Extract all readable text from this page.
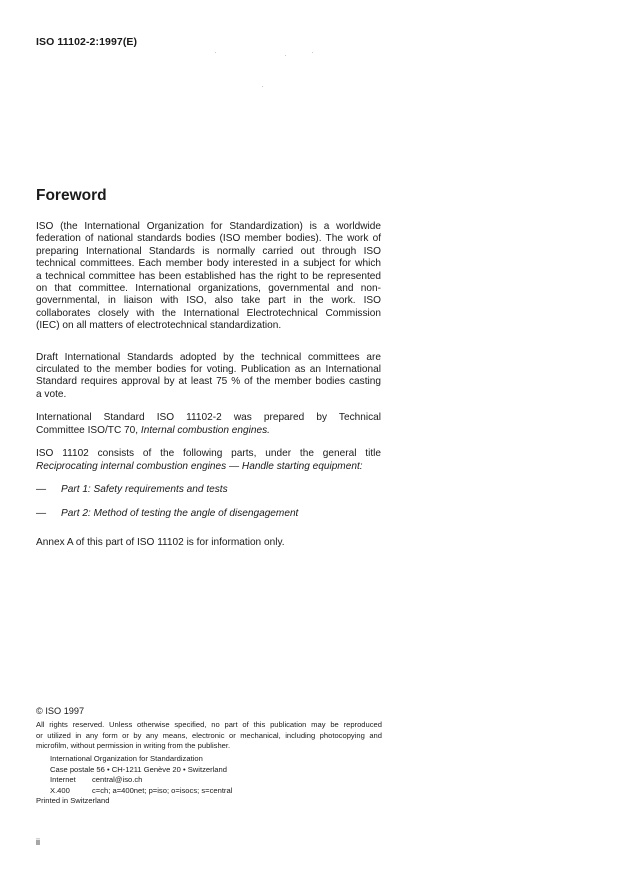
ISO 11102-2:1997(E)
Foreword

ISO (the International Organization for Standardization) is a worldwide
federation of national standards bodies (ISO member bodies). The work of
preparing International Standards is normally carried out through ISO
technical committees. Each member body interested in a subject for which
a technical committee has been established has the right to be represented
on that committee. International organizations, governmental and non-
governmental, in liaison with ISO, also take part in the work. ISO
collaborates closely with the International Electrotechnical Commission
(IEC) on all matters of electrotechnical standardization.

Draft International Standards adopted by the technical committees are
circulated to the member bodies for voting. Publication as an International
Standard requires approval by at least 75 % of the member bodies casting
a vote.

International Standard ISO 11102-2 was prepared by Technical
Committee ISO/TC 70, Internal combustion engines.

ISO 11102 consists of the following parts, under the general title
Reciprocating internal combustion engines — Handle starting equipment:

—	Part 1: Safety requirements and tests
—	Part 2: Method of testing the angle of disengagement

Annex A of this part of ISO 11102 is for information only.

© ISO 1997
All rights reserved. Unless otherwise specified, no part of this publication may be reproduced
or utilized in any form or by any means, electronic or mechanical, including photocopying and
microfilm, without permission in writing from the publisher.
International Organization for Standardization
Case postale 56 • CH-1211 Genève 20 • Switzerland
Internet	central@iso.ch
X.400	c=ch; a=400net; p=iso; o=isocs; s=central
Printed in Switzerland
ii
